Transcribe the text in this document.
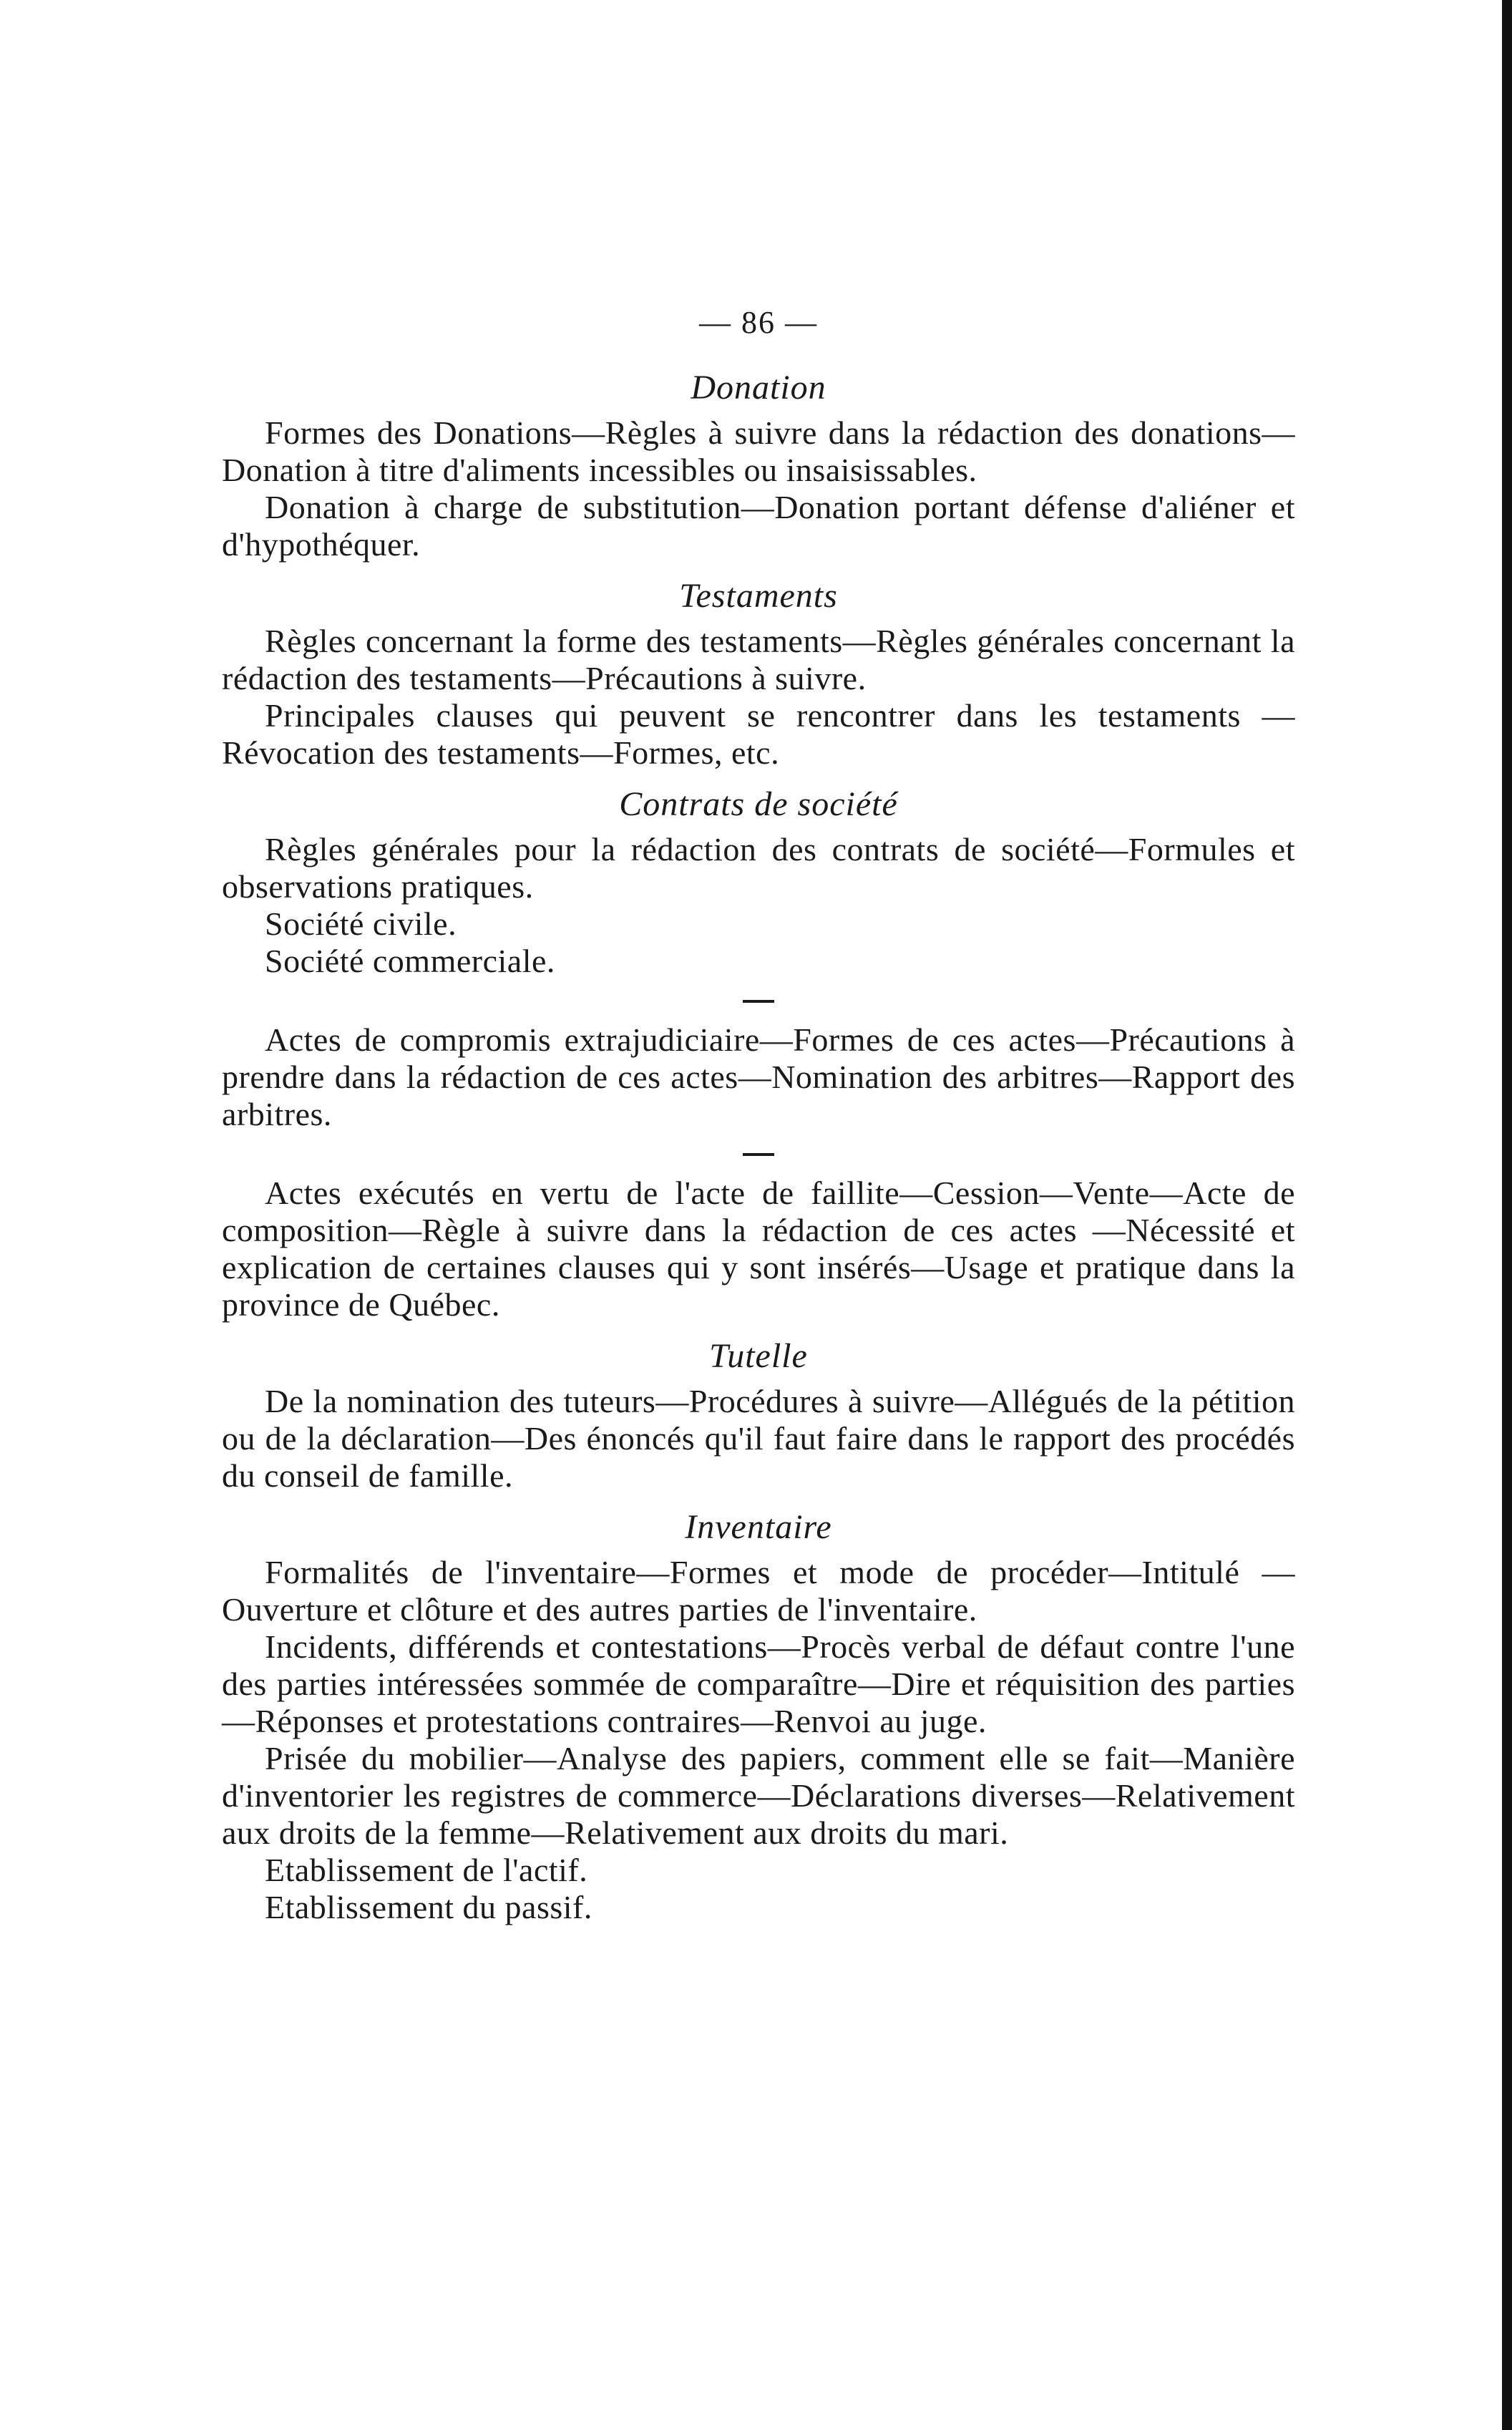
— 86 —
Donation

Formes des Donations—Règles à suivre dans la rédaction des donations—Donation à titre d'aliments incessibles ou insaisissables.

Donation à charge de substitution—Donation portant défense d'aliéner et d'hypothéquer.

Testaments

Règles concernant la forme des testaments—Règles générales concernant la rédaction des testaments—Précautions à suivre.

Principales clauses qui peuvent se rencontrer dans les testaments —Révocation des testaments—Formes, etc.

Contrats de société

Règles générales pour la rédaction des contrats de société—Formules et observations pratiques.

Société civile.

Société commerciale.

Actes de compromis extrajudiciaire—Formes de ces actes—Précautions à prendre dans la rédaction de ces actes—Nomination des arbitres—Rapport des arbitres.

Actes exécutés en vertu de l'acte de faillite—Cession—Vente—Acte de composition—Règle à suivre dans la rédaction de ces actes —Nécessité et explication de certaines clauses qui y sont insérés—Usage et pratique dans la province de Québec.

Tutelle

De la nomination des tuteurs—Procédures à suivre—Allégués de la pétition ou de la déclaration—Des énoncés qu'il faut faire dans le rapport des procédés du conseil de famille.

Inventaire

Formalités de l'inventaire—Formes et mode de procéder—Intitulé —Ouverture et clôture et des autres parties de l'inventaire.

Incidents, différends et contestations—Procès verbal de défaut contre l'une des parties intéressées sommée de comparaître—Dire et réquisition des parties—Réponses et protestations contraires—Renvoi au juge.

Prisée du mobilier—Analyse des papiers, comment elle se fait—Manière d'inventorier les registres de commerce—Déclarations diverses—Relativement aux droits de la femme—Relativement aux droits du mari.

Etablissement de l'actif.

Etablissement du passif.
